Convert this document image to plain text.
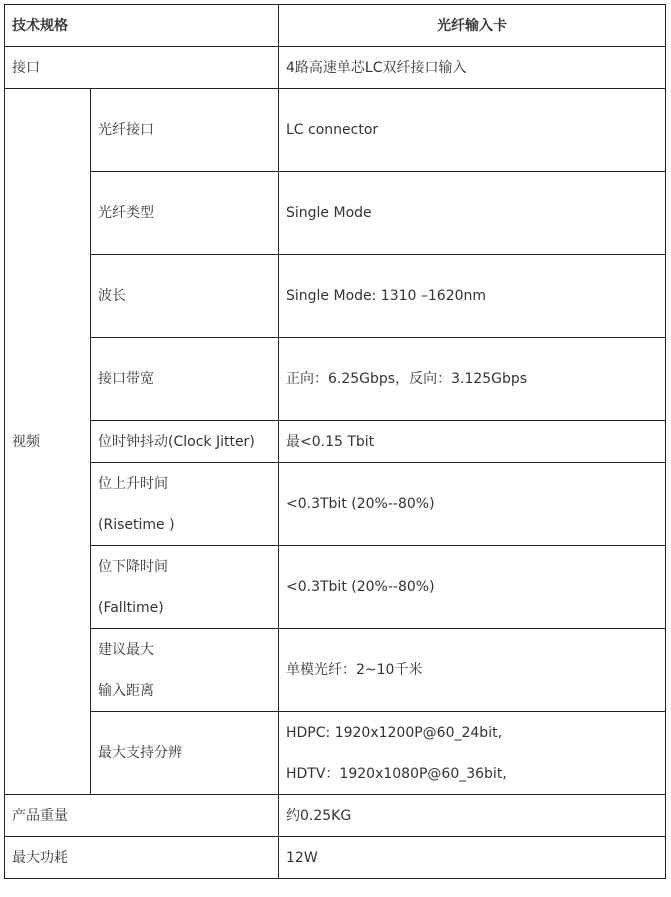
技术规格		光纤输入卡
接口		4路高速单芯LC双纤接口输入
视频	光纤接口	LC connector
	光纤类型	Single Mode
	波长	Single Mode: 1310 –1620nm
	接口带宽	正向：6.25Gbps，反向：3.125Gbps
	位时钟抖动(Clock Jitter)	最<0.15 Tbit

	位上升时间
(Risetime )	<0.3Tbit (20%--80%)

	位下降时间
(Falltime)	<0.3Tbit (20%--80%)

	建议最大
输入距离	单模光纤：2~10千米
	最大支持分辨	HDPC: 1920x1200P@60_24bit,
HDTV：1920x1080P@60_36bit,

产品重量		约0.25KG
最大功耗		12W
